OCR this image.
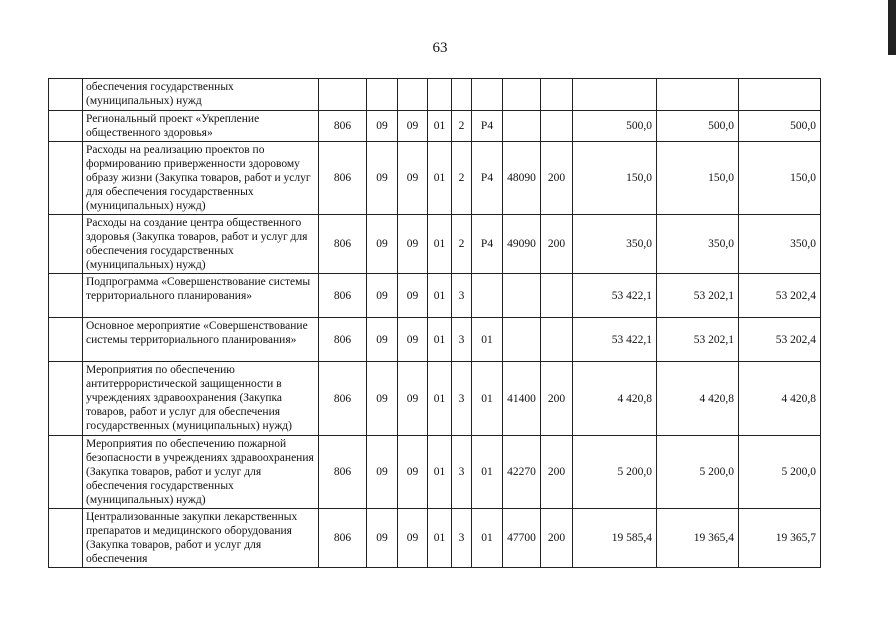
63
	обеспечения государственных (муниципальных) нужд											
	Региональный проект «Укрепление общественного здоровья»	806	09	09	01	2	P4			500,0	500,0	500,0
	Расходы на реализацию проектов по формированию приверженности здоровому образу жизни (Закупка товаров, работ и услуг для обеспечения государственных (муниципальных) нужд)	806	09	09	01	2	P4	48090	200	150,0	150,0	150,0
	Расходы на создание центра общественного здоровья (Закупка товаров, работ и услуг для обеспечения государственных (муниципальных) нужд)	806	09	09	01	2	P4	49090	200	350,0	350,0	350,0
	Подпрограмма «Совершенствование системы территориального планирования»	806	09	09	01	3				53 422,1	53 202,1	53 202,4
	Основное мероприятие «Совершенствование системы территориального планирования»	806	09	09	01	3	01			53 422,1	53 202,1	53 202,4
	Мероприятия по обеспечению антитеррористической защищенности в учреждениях здравоохранения (Закупка товаров, работ и услуг для обеспечения государственных (муниципальных) нужд)	806	09	09	01	3	01	41400	200	4 420,8	4 420,8	4 420,8
	Мероприятия по обеспечению пожарной безопасности в учреждениях здравоохранения (Закупка товаров, работ и услуг для обеспечения государственных (муниципальных) нужд)	806	09	09	01	3	01	42270	200	5 200,0	5 200,0	5 200,0
	Централизованные закупки лекарственных препаратов и медицинского оборудования (Закупка товаров, работ и услуг для обеспечения	806	09	09	01	3	01	47700	200	19 585,4	19 365,4	19 365,7
